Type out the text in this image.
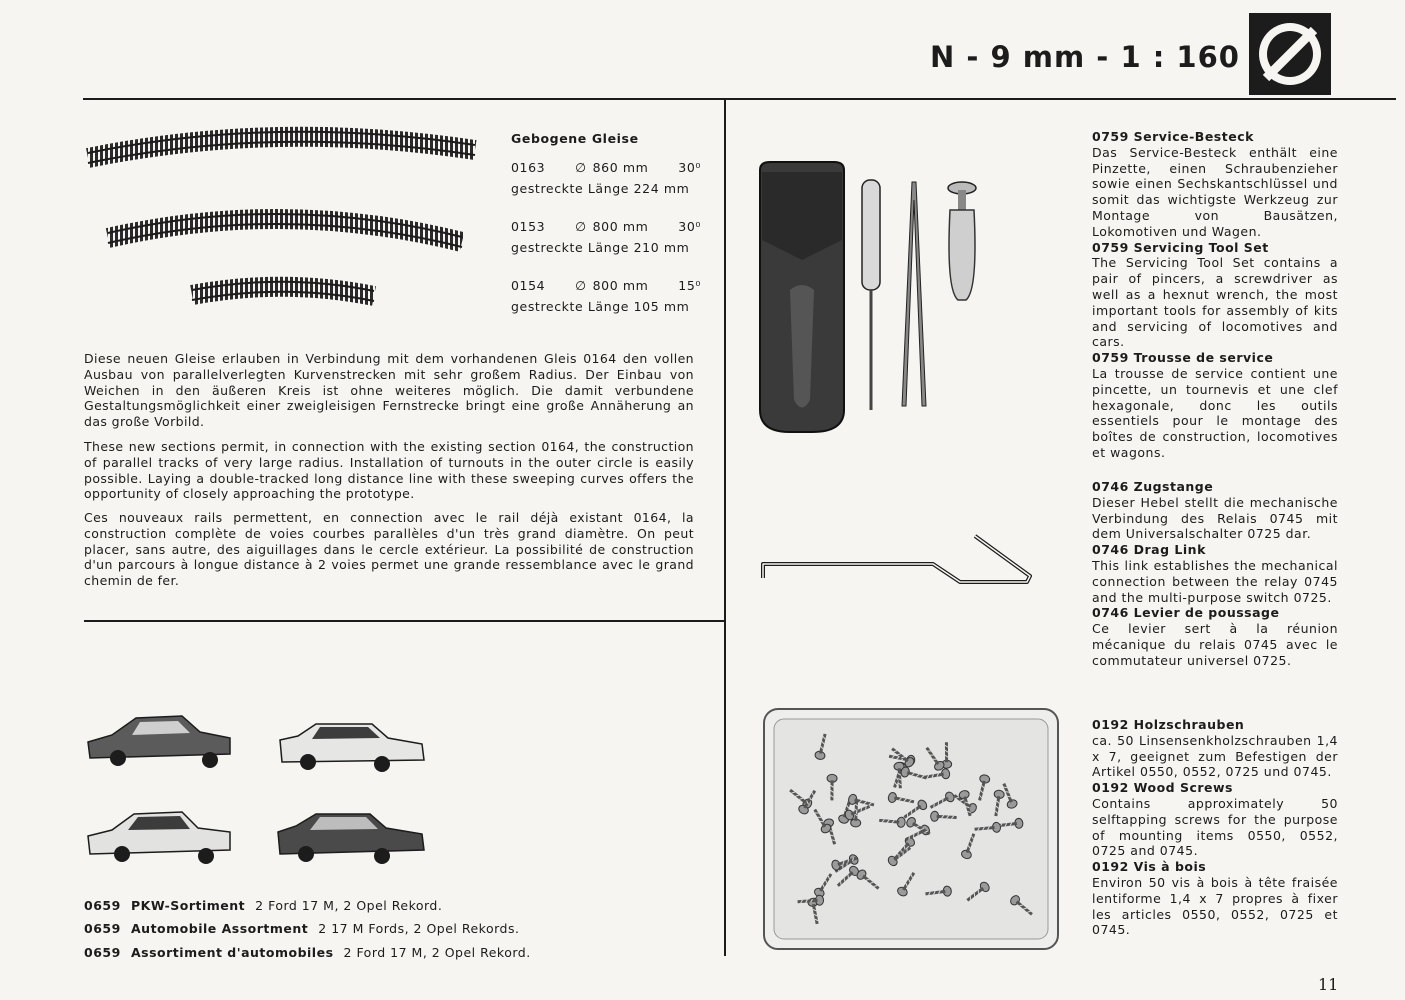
N - 9 mm - 1 : 160
Gebogene Gleise
0163 ∅ 860 mm 30⁰
gestreckte Länge 224 mm
0153 ∅ 800 mm 30⁰
gestreckte Länge 210 mm
0154 ∅ 800 mm 15⁰
gestreckte Länge 105 mm
Diese neuen Gleise erlauben in Verbindung mit dem vorhandenen Gleis 0164 den vollen Ausbau von parallelverlegten Kurvenstrecken mit sehr großem Radius. Der Einbau von Weichen in den äußeren Kreis ist ohne weiteres möglich. Die damit verbundene Gestaltungsmöglichkeit einer zweigleisigen Fernstrecke bringt eine große Annäherung an das große Vorbild.
These new sections permit, in connection with the existing section 0164, the construction of parallel tracks of very large radius. Installation of turnouts in the outer circle is easily possible. Laying a double-tracked long distance line with these sweeping curves offers the opportunity of closely approaching the prototype.
Ces nouveaux rails permettent, en connection avec le rail déjà existant 0164, la construction complète de voies courbes parallèles d'un très grand diamètre. On peut placer, sans autre, des aiguillages dans le cercle extérieur. La possibilité de construction d'un parcours à longue distance à 2 voies permet une grande ressemblance avec le grand chemin de fer.
0659 PKW-Sortiment 2 Ford 17 M, 2 Opel Rekord.
0659 Automobile Assortment 2 17 M Fords, 2 Opel Rekords.
0659 Assortiment d'automobiles 2 Ford 17 M, 2 Opel Rekord.

0759 Service-Besteck

Das Service-Besteck enthält eine Pinzette, einen Schraubenzieher sowie einen Sechskantschlüssel und somit das wichtigste Werkzeug zur Montage von Bausätzen, Lokomotiven und Wagen.

0759 Servicing Tool Set

The Servicing Tool Set contains a pair of pincers, a screwdriver as well as a hexnut wrench, the most important tools for assembly of kits and servicing of locomotives and cars.

0759 Trousse de service

La trousse de service contient une pincette, un tournevis et une clef hexagonale, donc les outils essentiels pour le montage des boîtes de construction, locomotives et wagons.

0746 Zugstange

Dieser Hebel stellt die mechanische Verbindung des Relais 0745 mit dem Universalschalter 0725 dar.

0746 Drag Link

This link establishes the mechanical connection between the relay 0745 and the multi-purpose switch 0725.

0746 Levier de poussage

Ce levier sert à la réunion mécanique du relais 0745 avec le commutateur universel 0725.

0192 Holzschrauben

ca. 50 Linsensenkholzschrauben 1,4 x 7, geeignet zum Befestigen der Artikel 0550, 0552, 0725 und 0745.

0192 Wood Screws

Contains approximately 50 selftapping screws for the purpose of mounting items 0550, 0552, 0725 and 0745.

0192 Vis à bois

Environ 50 vis à bois à tête fraisée lentiforme 1,4 x 7 propres à fixer les articles 0550, 0552, 0725 et 0745.

11
